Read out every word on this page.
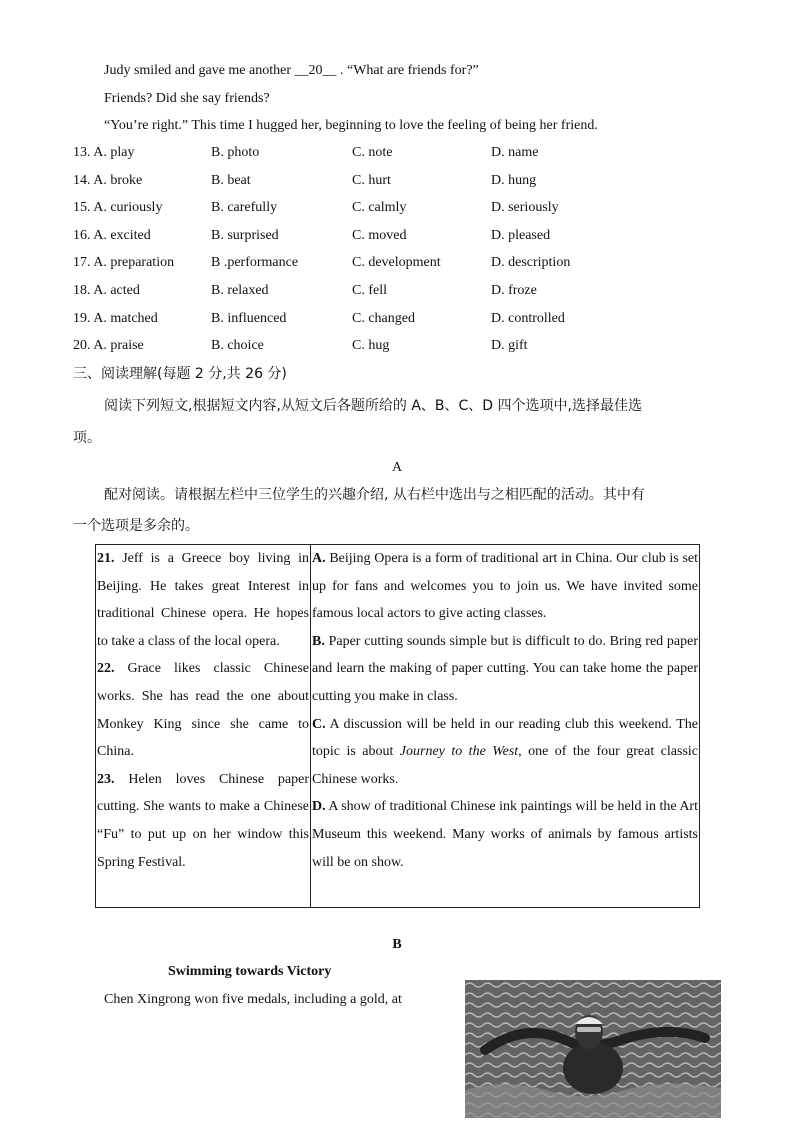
Judy smiled and gave me another __20__ . “What are friends for?”
Friends? Did she say friends?
“You’re right.” This time I hugged her, beginning to love the feeling of being her friend.
13. A. play	B. photo	C. note	D. name
14. A. broke	B. beat	C. hurt	D. hung
15. A. curiously	B. carefully	C. calmly	D. seriously
16. A. excited	B. surprised	C. moved	D. pleased
17. A. preparation	B .performance	C. development	D. description
18. A. acted	B. relaxed	C. fell	D. froze
19. A. matched	B. influenced	C. changed	D. controlled
20. A. praise	B. choice	C. hug	D. gift
三、阅读理解(每题 2 分,共 26 分)
阅读下列短文,根据短文内容,从短文后各题所给的 A、B、C、D 四个选项中,选择最佳选
项。
A
配对阅读。请根据左栏中三位学生的兴趣介绍, 从右栏中选出与之相匹配的活动。其中有
一个选项是多余的。

21. Jeff is a Greece boy living in Beijing. He takes great Interest in traditional Chinese opera. He hopes to take a class of the local opera.

22. Grace likes classic Chinese works. She has read the one about Monkey King since she came to China.

23. Helen loves Chinese paper cutting. She wants to make a Chinese “Fu” to put up on her window this Spring Festival.

A. Beijing Opera is a form of traditional art in China. Our club is set up for fans and welcomes you to join us. We have invited some famous local actors to give acting classes.

B. Paper cutting sounds simple but is difficult to do. Bring red paper and learn the making of paper cutting. You can take home the paper cutting you make in class.

C. A discussion will be held in our reading club this weekend. The topic is about Journey to the West, one of the four great classic Chinese works.

D. A show of traditional Chinese ink paintings will be held in the Art Museum this weekend. Many works of animals by famous artists will be on show.

B
Swimming towards Victory
Chen Xingrong won five medals, including a gold, at
